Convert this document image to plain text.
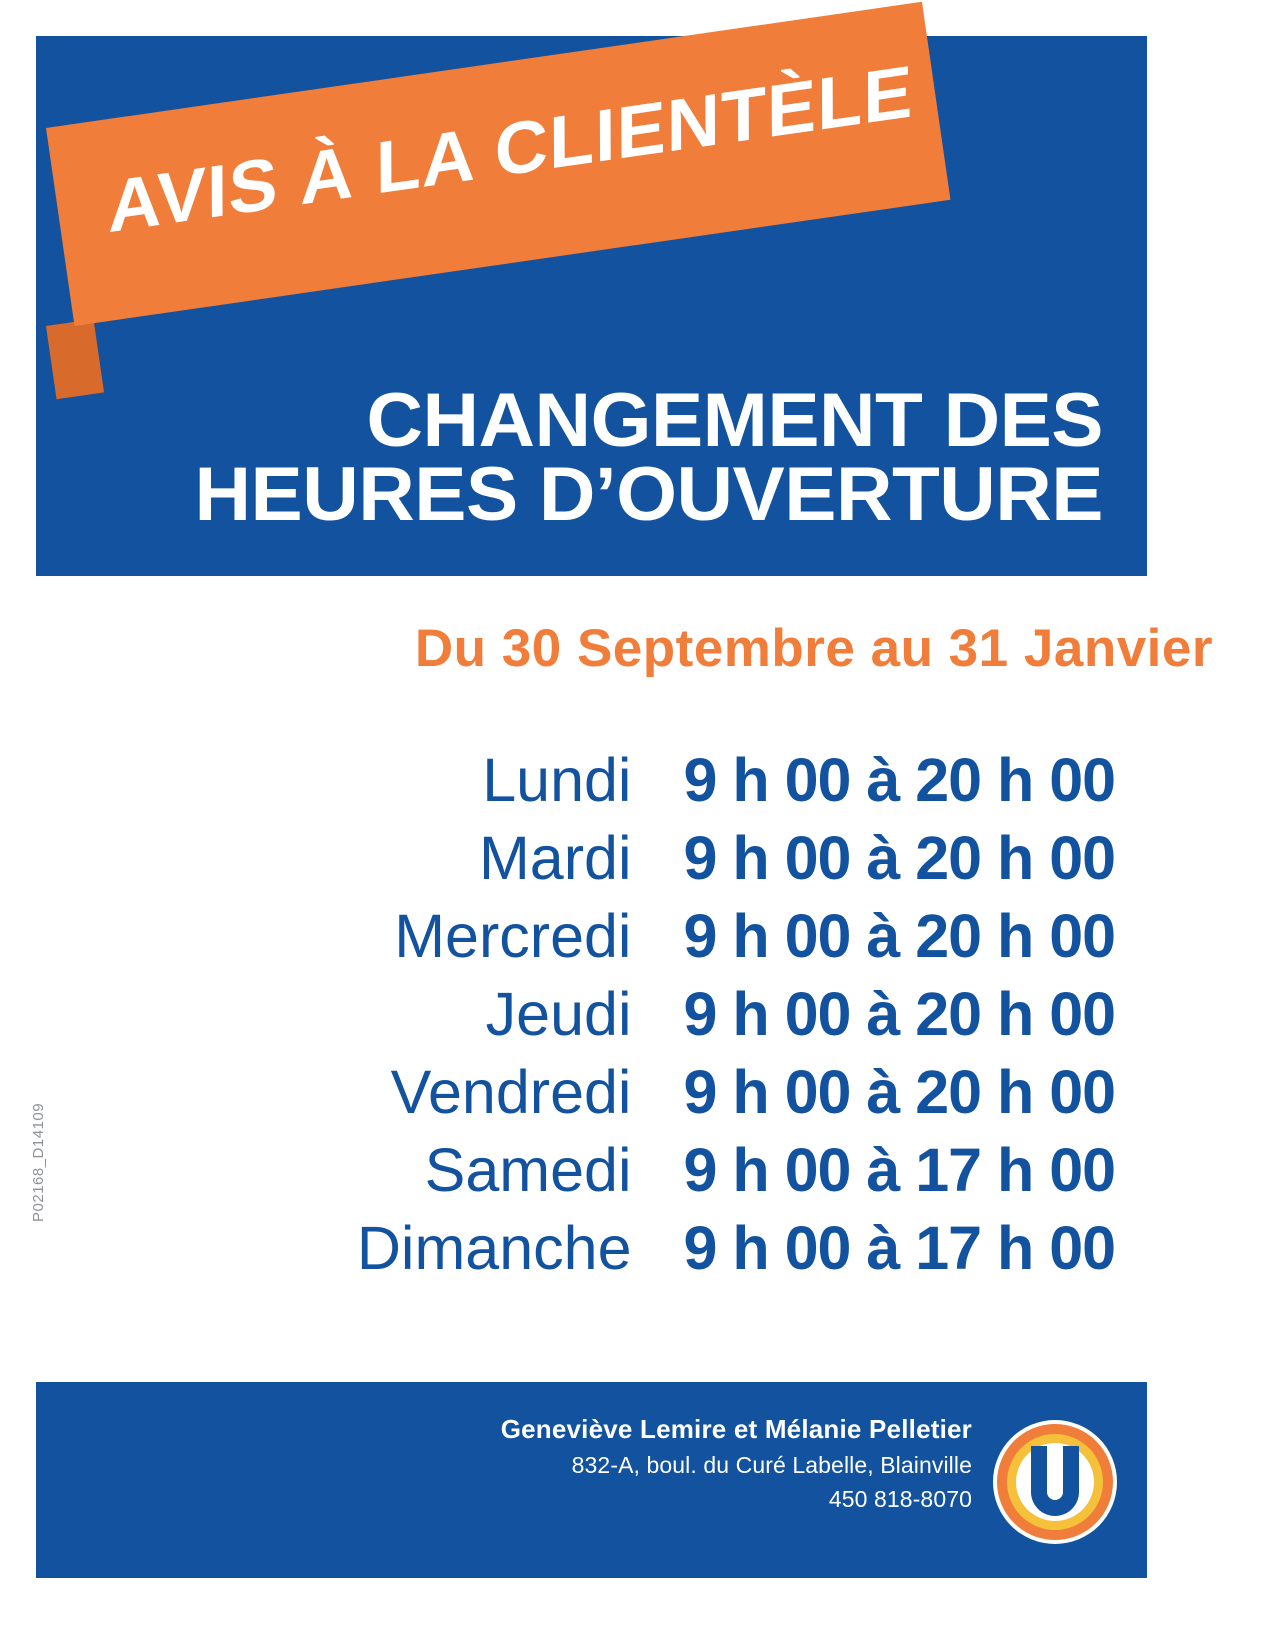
AVIS À LA CLIENTÈLE
CHANGEMENT DES
HEURES D’OUVERTURE
Du 30 Septembre au 31 Janvier
Lundi 9 h 00 à 20 h 00
Mardi 9 h 00 à 20 h 00
Mercredi 9 h 00 à 20 h 00
Jeudi 9 h 00 à 20 h 00
Vendredi 9 h 00 à 20 h 00
Samedi 9 h 00 à 17 h 00
Dimanche 9 h 00 à 17 h 00
P02168_D14109
Geneviève Lemire et Mélanie Pelletier
832-A, boul. du Curé Labelle, Blainville
450 818-8070
